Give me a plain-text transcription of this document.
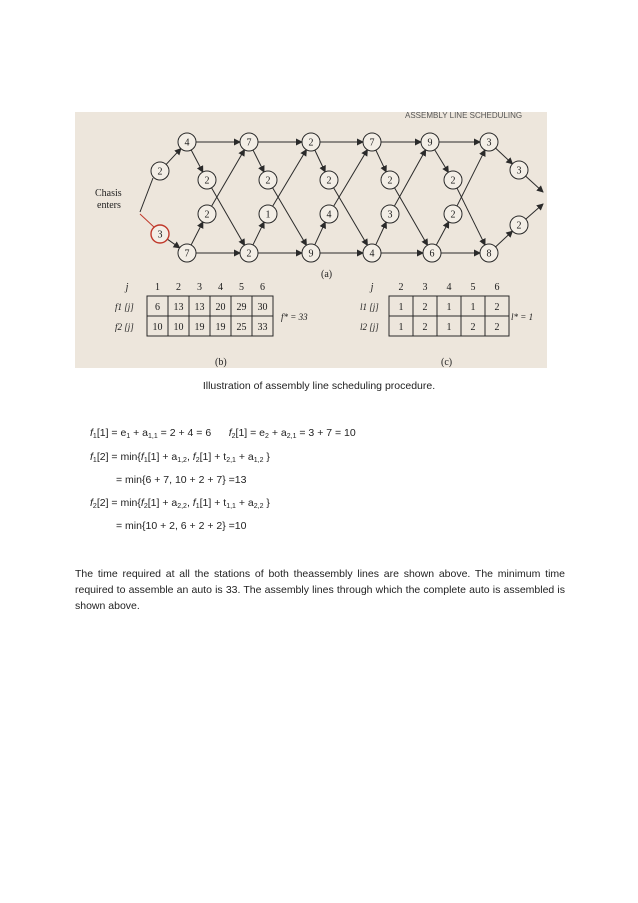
ASSEMBLY LINE SCHEDULING
2
3
4	7	2	7	9	3
7	2	9	4	6	8
2	2	2	2	2
2	1	4	3	2
3
2
Chasis
enters
(a)
j	1 2 3 4 5 6
f1 [j] 6 13 13 20 29 30
f2 [j] 10 10 19 19 25 33
f* = 33
j	2 3 4 5 6
l1 [j] 1 2 1 1 2
l2 [j] 1 2 1 2 2
l* = 1
(b)	(c)
Illustration of assembly line scheduling procedure.
$f_1[1] = e_1 + a_{1,1} = 2 + 4 = 6$ $f_2[1] = e_2 + a_{2,1} = 3 + 7 = 10$
$f_1[2] = \min\{f_1[1] + a_{1,2}$, $f_2[1] + t_{2,1} + a_{1,2}$ }
= min{6 + 7, 10 + 2 + 7} =13
$f_2[2] = \min\{f_2[1] + a_{2,2}$, $f_1[1] + t_{1,1} + a_{2,2}$ }
= min{10 + 2, 6 + 2 + 2} =10
The time required at all the stations of both theassembly lines are shown above. The minimum time required to assemble an auto is 33. The assembly lines through which the complete auto is assembled is shown above.
